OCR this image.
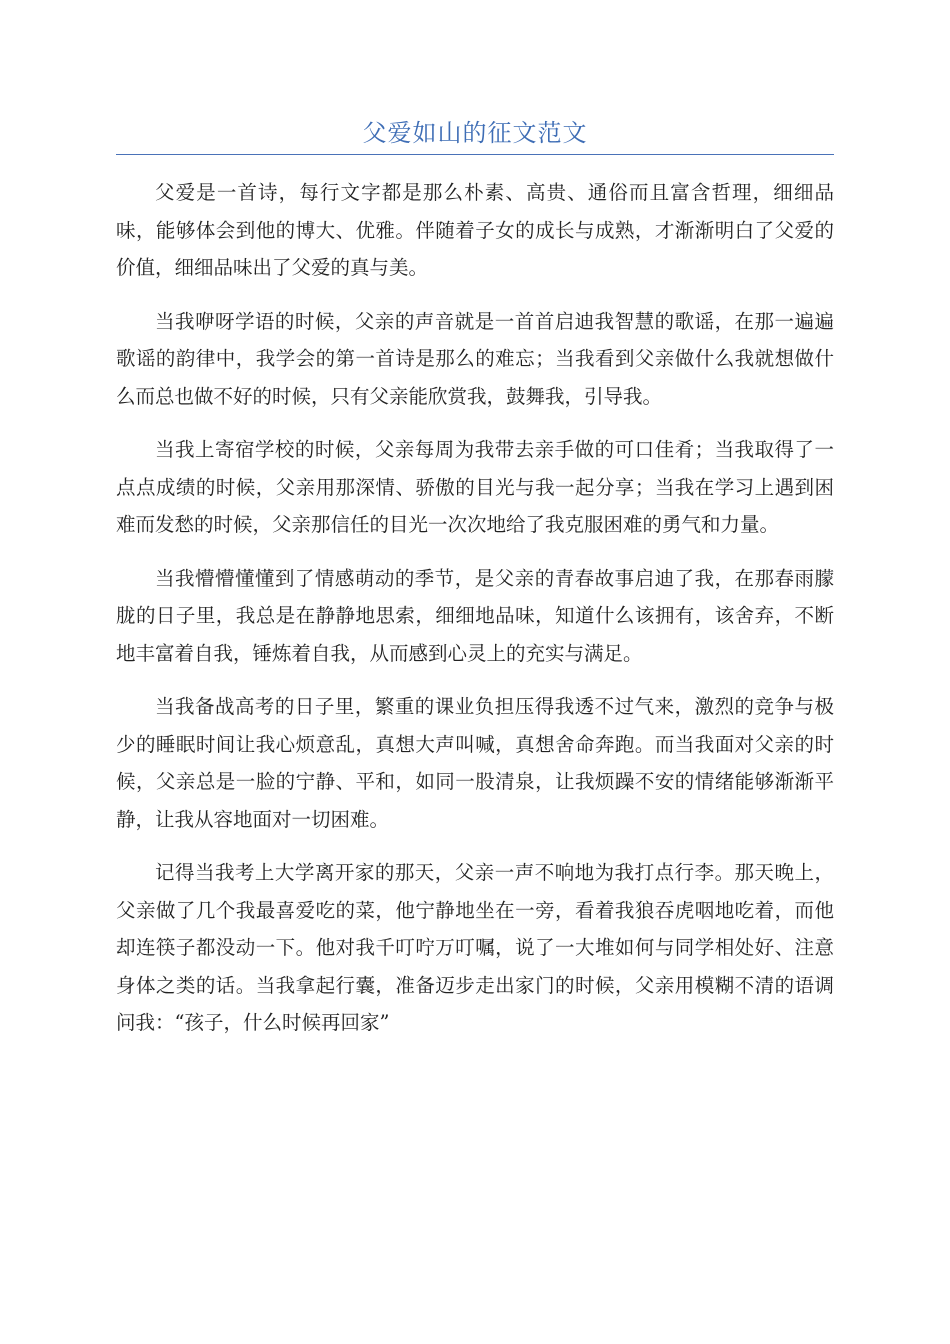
父爱如山的征文范文

父爱是一首诗，每行文字都是那么朴素、高贵、通俗而且富含哲理，细细品味，能够体会到他的博大、优雅。伴随着子女的成长与成熟，才渐渐明白了父爱的价值，细细品味出了父爱的真与美。

当我咿呀学语的时候，父亲的声音就是一首首启迪我智慧的歌谣，在那一遍遍歌谣的韵律中，我学会的第一首诗是那么的难忘；当我看到父亲做什么我就想做什么而总也做不好的时候，只有父亲能欣赏我，鼓舞我，引导我。

当我上寄宿学校的时候，父亲每周为我带去亲手做的可口佳肴；当我取得了一点点成绩的时候，父亲用那深情、骄傲的目光与我一起分享；当我在学习上遇到困难而发愁的时候，父亲那信任的目光一次次地给了我克服困难的勇气和力量。

当我懵懵懂懂到了情感萌动的季节，是父亲的青春故事启迪了我，在那春雨朦胧的日子里，我总是在静静地思索，细细地品味，知道什么该拥有，该舍弃，不断地丰富着自我，锤炼着自我，从而感到心灵上的充实与满足。

当我备战高考的日子里，繁重的课业负担压得我透不过气来，激烈的竞争与极少的睡眠时间让我心烦意乱，真想大声叫喊，真想舍命奔跑。而当我面对父亲的时候，父亲总是一脸的宁静、平和，如同一股清泉，让我烦躁不安的情绪能够渐渐平静，让我从容地面对一切困难。

记得当我考上大学离开家的那天，父亲一声不响地为我打点行李。那天晚上，父亲做了几个我最喜爱吃的菜，他宁静地坐在一旁，看着我狼吞虎咽地吃着，而他却连筷子都没动一下。他对我千叮咛万叮嘱，说了一大堆如何与同学相处好、注意身体之类的话。当我拿起行囊，准备迈步走出家门的时候，父亲用模糊不清的语调问我：“孩子，什么时候再回家”
